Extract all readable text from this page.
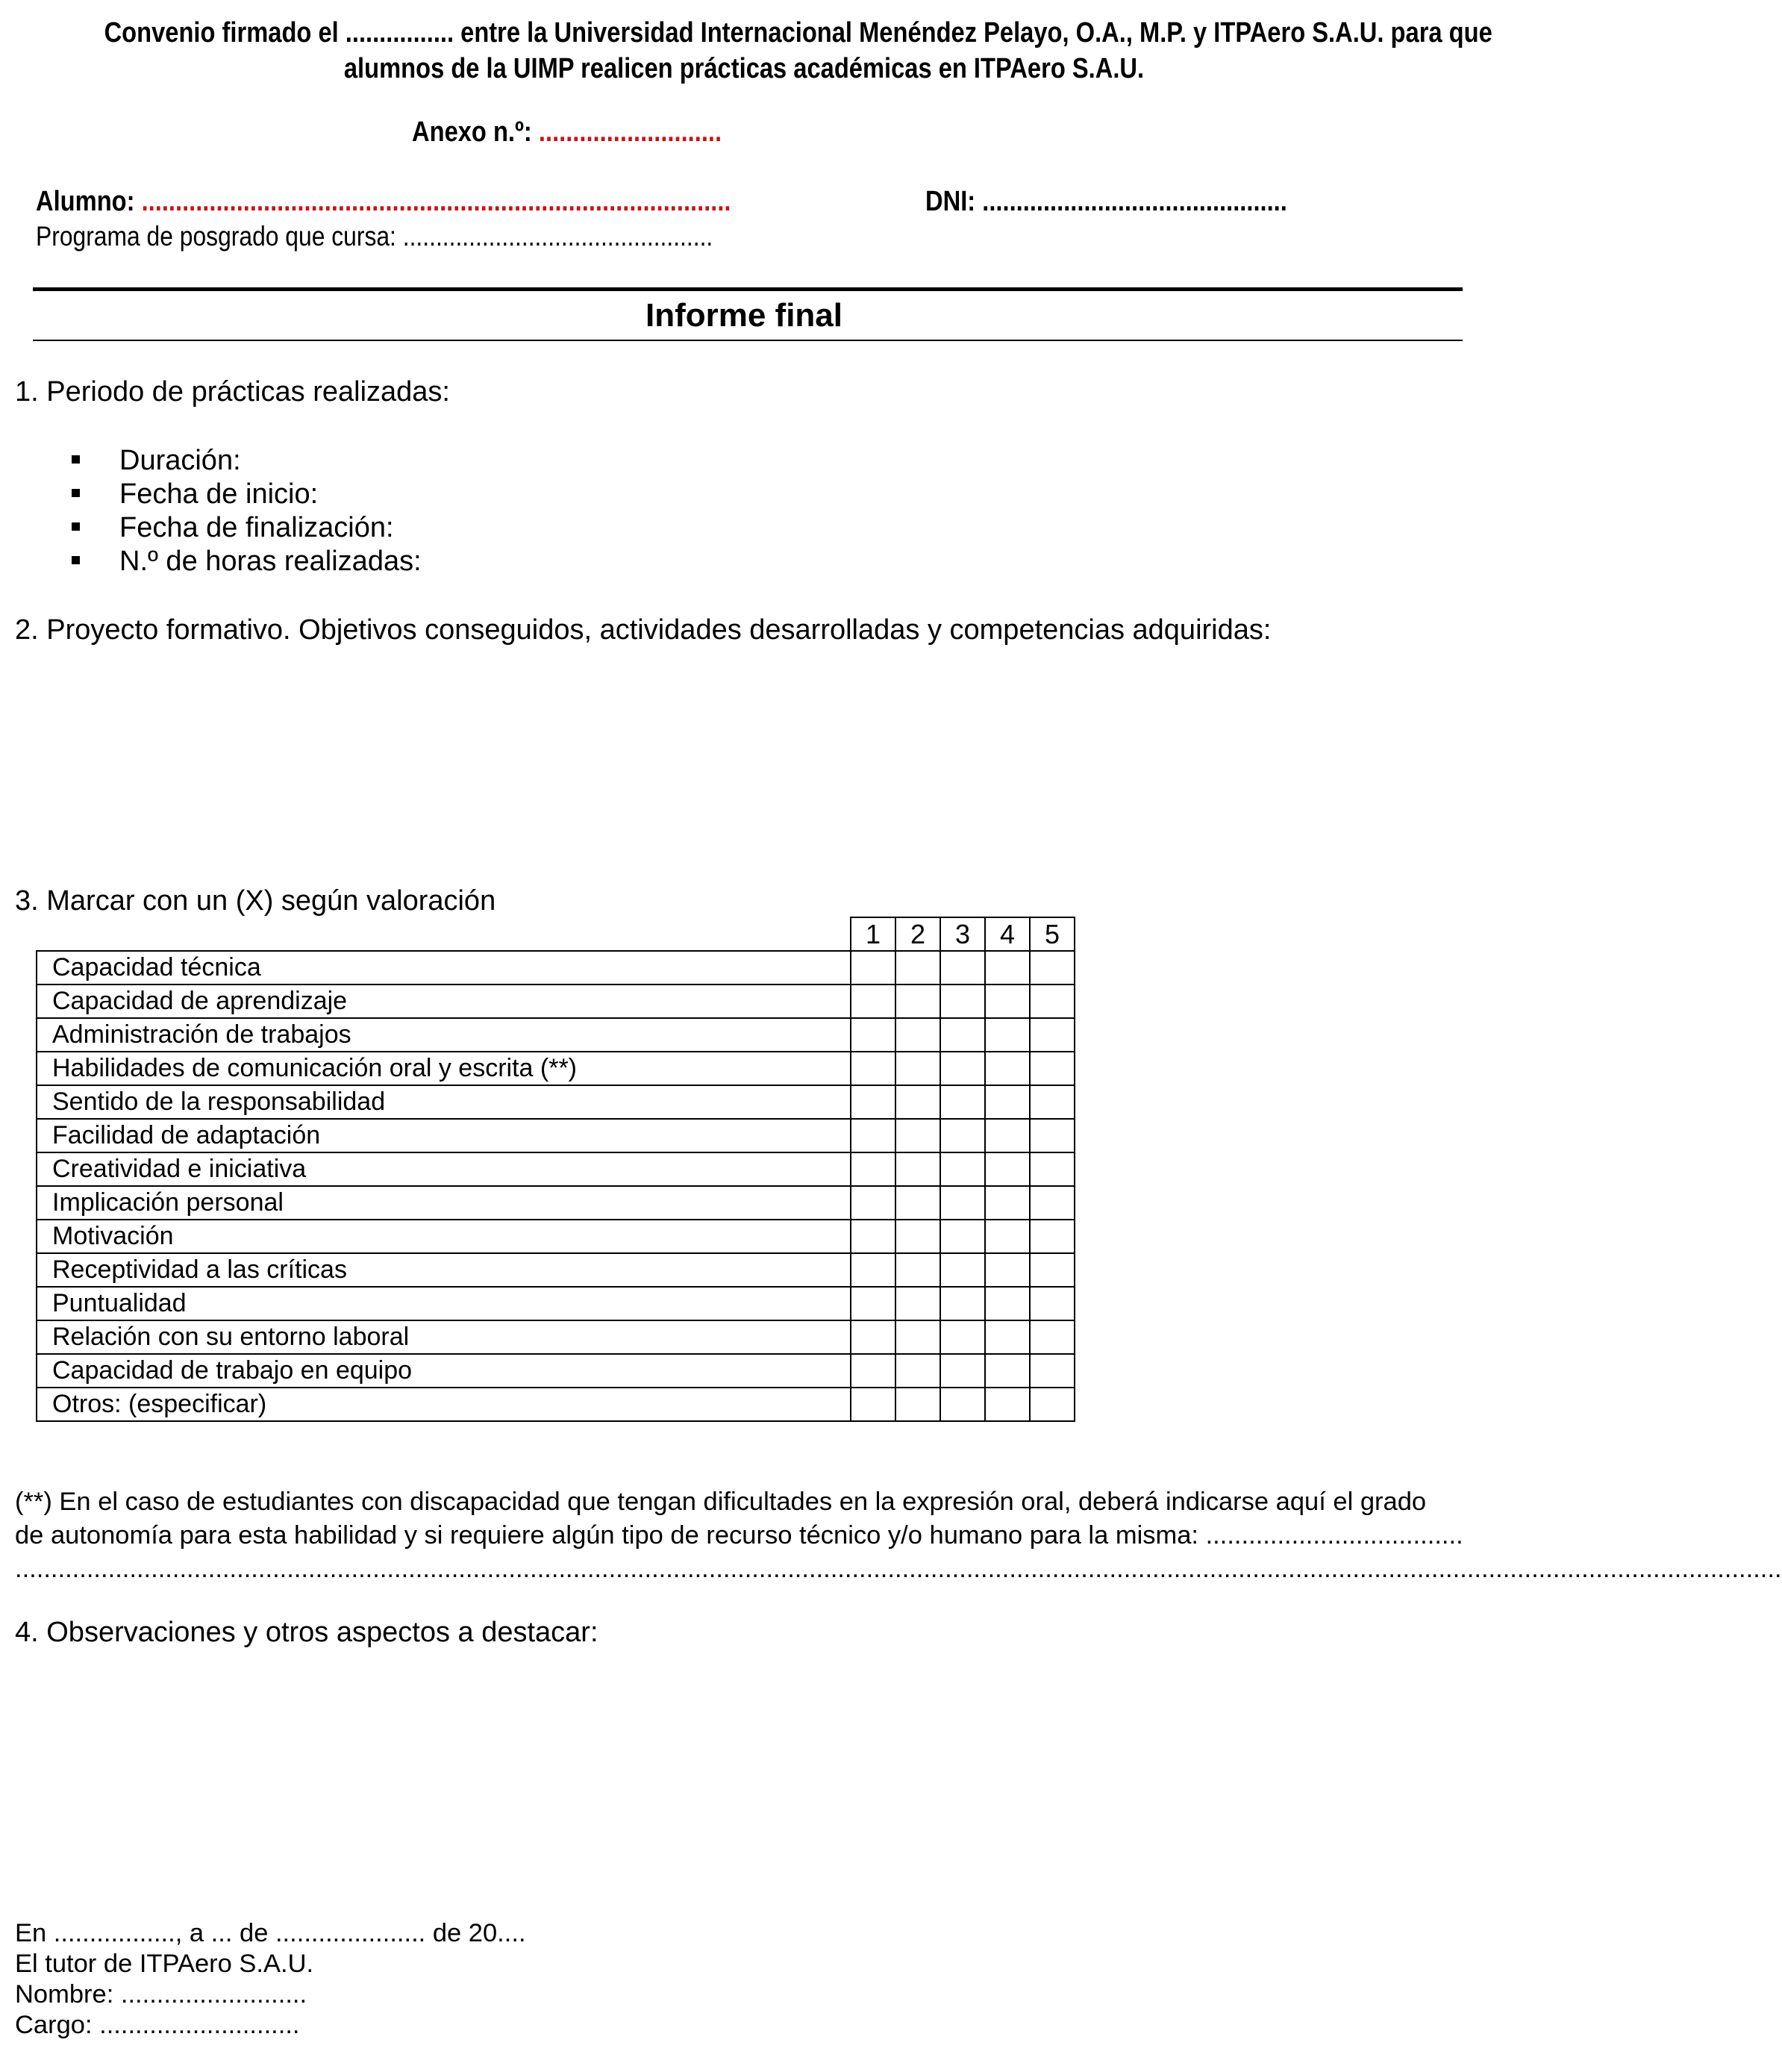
Convenio firmado el ................ entre la Universidad Internacional Menéndez Pelayo, O.A., M.P. y ITPAero S.A.U. para que
alumnos de la UIMP realicen prácticas académicas en ITPAero S.A.U.
Anexo n.º: ...........................
Alumno: .......................................................................................	DNI: .............................................
Programa de posgrado que cursa: ...............................................
Informe final
1. Periodo de prácticas realizadas:
Duración:
Fecha de inicio:
Fecha de finalización:
N.º de horas realizadas:
2. Proyecto formativo. Objetivos conseguidos, actividades desarrolladas y competencias adquiridas:
3. Marcar con un (X) según valoración
	1	2	3	4	5
Capacidad técnica					
Capacidad de aprendizaje					
Administración de trabajos					
Habilidades de comunicación oral y escrita (**)					
Sentido de la responsabilidad					
Facilidad de adaptación					
Creatividad e iniciativa					
Implicación personal					
Motivación					
Receptividad a las críticas					
Puntualidad					
Relación con su entorno laboral					
Capacidad de trabajo en equipo					
Otros: (especificar)					
(**) En el caso de estudiantes con discapacidad que tengan dificultades en la expresión oral, deberá indicarse aquí el grado
de autonomía para esta habilidad y si requiere algún tipo de recurso técnico y/o humano para la misma: ....................................
.......................................................................................................................................................................................................................................................
4. Observaciones y otros aspectos a destacar:
En ................., a ... de ..................... de 20....
El tutor de ITPAero S.A.U.
Nombre: ..........................
Cargo: ............................
